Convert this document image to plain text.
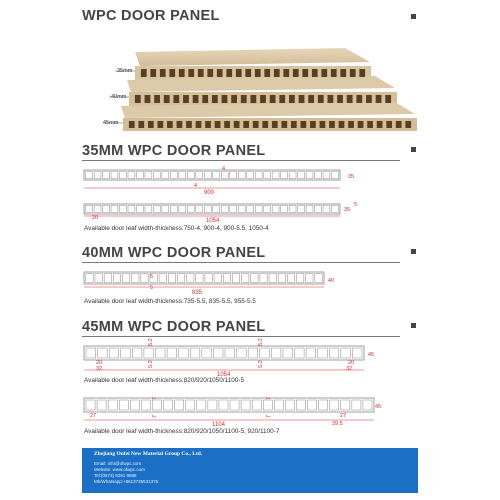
WPC DOOR PANEL
35mm
40mm
45mm
35MM WPC DOOR PANEL
4
4
900
35
20	1054
35
5
Available door leaf width-thickness:750-4, 900-4, 900-5.5, 1050-4
40MM WPC DOOR PANEL
5
5
835
40
Available door leaf width-thickness:735-5.5, 835-5.5, 955-5.5
45MM WPC DOOR PANEL
5.2
5.2
20
32
5.2
5.2
1054
32
20
45
Available door leaf width-thickness:820/920/1050/1100-5
27
7
7
7
7
1104
27
39.5
45
Available door leaf width-thickness:820/920/1050/1100-5, 920/1100-7
Zhejiang Onfei New Material Group Co., Ltd.
Email: info@ofwpc.com
Website: www.ofwpc.com
Tel:(0573) 8291 9888
Mb/Whatsapp:+8613735531375
